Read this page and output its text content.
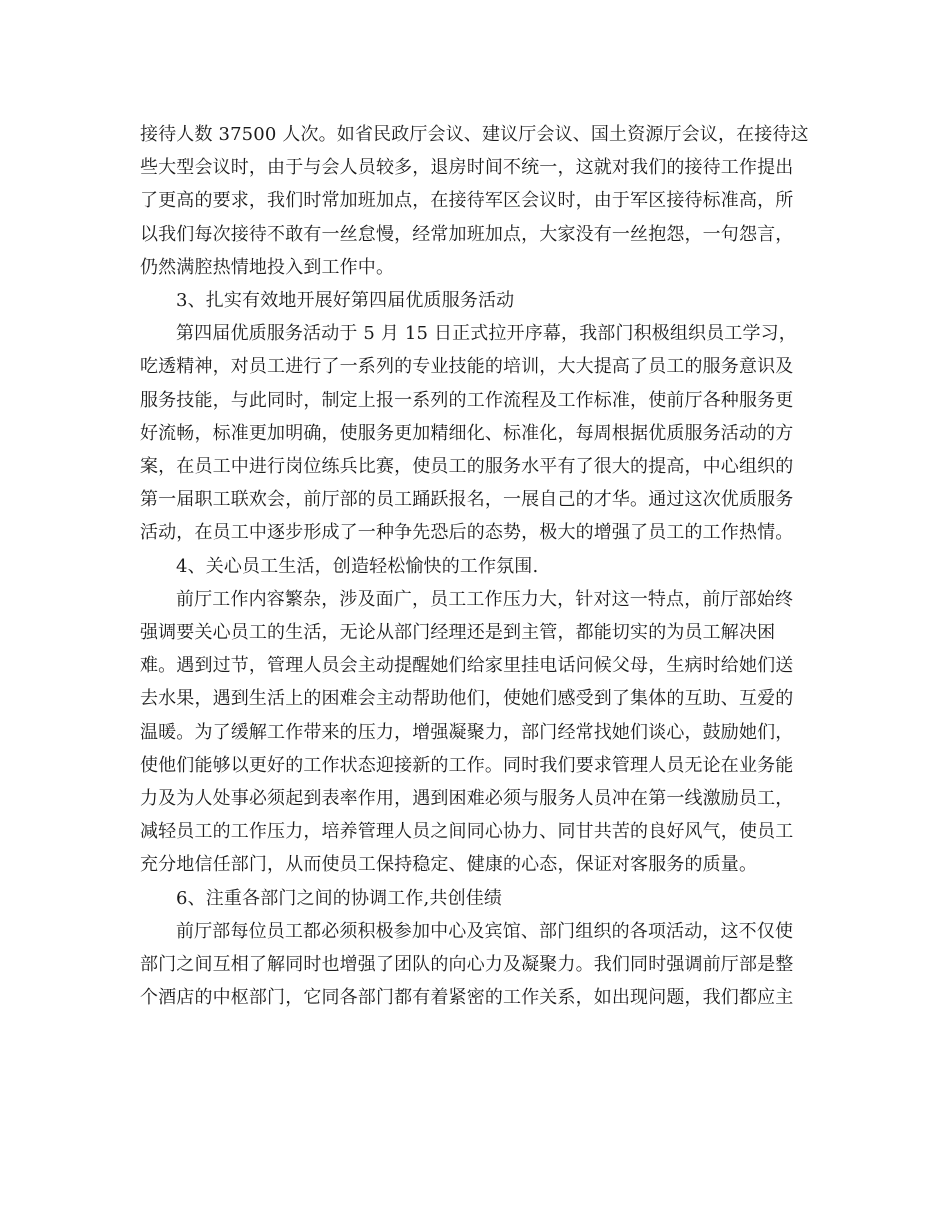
接待人数 37500 人次。如省民政厅会议、建议厅会议、国土资源厅会议，在接待这
些大型会议时，由于与会人员较多，退房时间不统一，这就对我们的接待工作提出
了更高的要求，我们时常加班加点，在接待军区会议时，由于军区接待标准高，所
以我们每次接待不敢有一丝怠慢，经常加班加点，大家没有一丝抱怨，一句怨言，
仍然满腔热情地投入到工作中。
3、扎实有效地开展好第四届优质服务活动
第四届优质服务活动于 5 月 15 日正式拉开序幕，我部门积极组织员工学习，
吃透精神，对员工进行了一系列的专业技能的培训，大大提高了员工的服务意识及
服务技能，与此同时，制定上报一系列的工作流程及工作标准，使前厅各种服务更
好流畅，标准更加明确，使服务更加精细化、标准化，每周根据优质服务活动的方
案，在员工中进行岗位练兵比赛，使员工的服务水平有了很大的提高，中心组织的
第一届职工联欢会，前厅部的员工踊跃报名，一展自己的才华。通过这次优质服务
活动，在员工中逐步形成了一种争先恐后的态势，极大的增强了员工的工作热情。
4、关心员工生活，创造轻松愉快的工作氛围.
前厅工作内容繁杂，涉及面广，员工工作压力大，针对这一特点，前厅部始终
强调要关心员工的生活，无论从部门经理还是到主管，都能切实的为员工解决困
难。遇到过节，管理人员会主动提醒她们给家里挂电话问候父母，生病时给她们送
去水果，遇到生活上的困难会主动帮助他们，使她们感受到了集体的互助、互爱的
温暖。为了缓解工作带来的压力，增强凝聚力，部门经常找她们谈心，鼓励她们，
使他们能够以更好的工作状态迎接新的工作。同时我们要求管理人员无论在业务能
力及为人处事必须起到表率作用，遇到困难必须与服务人员冲在第一线激励员工，
减轻员工的工作压力，培养管理人员之间同心协力、同甘共苦的良好风气，使员工
充分地信任部门，从而使员工保持稳定、健康的心态，保证对客服务的质量。
6、注重各部门之间的协调工作,共创佳绩
前厅部每位员工都必须积极参加中心及宾馆、部门组织的各项活动，这不仅使
部门之间互相了解同时也增强了团队的向心力及凝聚力。我们同时强调前厅部是整
个酒店的中枢部门，它同各部门都有着紧密的工作关系，如出现问题，我们都应主
